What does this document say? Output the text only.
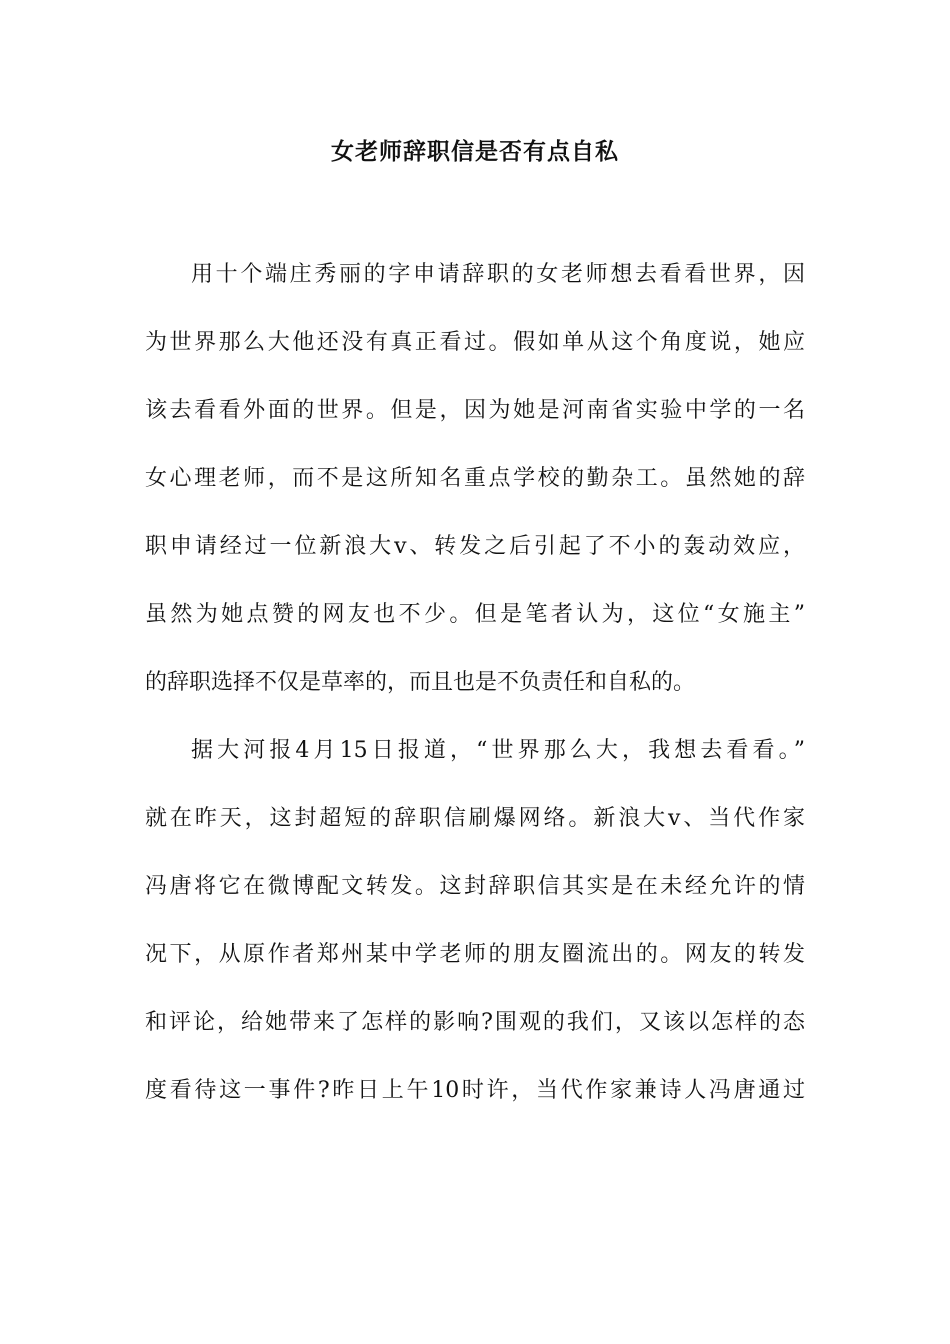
女老师辞职信是否有点自私
用十个端庄秀丽的字申请辞职的女老师想去看看世界，因
为世界那么大他还没有真正看过。假如单从这个角度说，她应
该去看看外面的世界。但是，因为她是河南省实验中学的一名
女心理老师，而不是这所知名重点学校的勤杂工。虽然她的辞
职申请经过一位新浪大v、转发之后引起了不小的轰动效应，
虽然为她点赞的网友也不少。但是笔者认为，这位“女施主”
的辞职选择不仅是草率的，而且也是不负责任和自私的。
据大河报4月15日报道，“世界那么大，我想去看看。”
就在昨天，这封超短的辞职信刷爆网络。新浪大v、当代作家
冯唐将它在微博配文转发。这封辞职信其实是在未经允许的情
况下，从原作者郑州某中学老师的朋友圈流出的。网友的转发
和评论，给她带来了怎样的影响?围观的我们，又该以怎样的态
度看待这一事件?昨日上午10时许，当代作家兼诗人冯唐通过
